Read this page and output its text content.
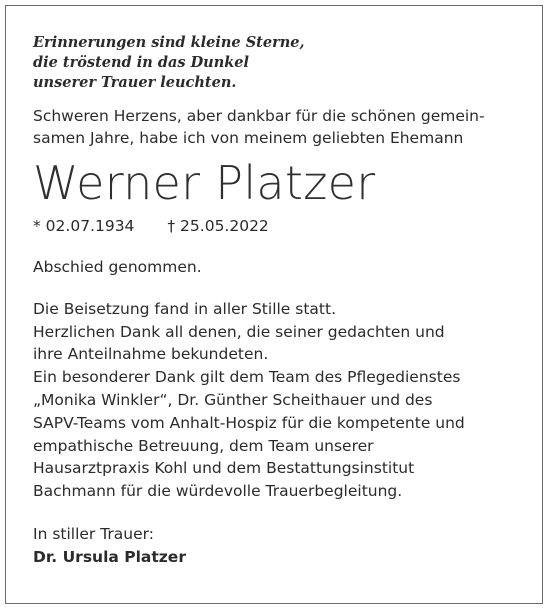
Erinnerungen sind kleine Sterne,
die tröstend in das Dunkel
unserer Trauer leuchten.
Schweren Herzens, aber dankbar für die schönen gemein-
samen Jahre, habe ich von meinem geliebten Ehemann
Werner Platzer
* 02.07.1934 † 25.05.2022
Abschied genommen.
Die Beisetzung fand in aller Stille statt.
Herzlichen Dank all denen, die seiner gedachten und
ihre Anteilnahme bekundeten.
Ein besonderer Dank gilt dem Team des Pflegedienstes
„Monika Winkler“, Dr. Günther Scheithauer und des
SAPV-Teams vom Anhalt-Hospiz für die kompetente und
empathische Betreuung, dem Team unserer
Hausarztpraxis Kohl und dem Bestattungsinstitut
Bachmann für die würdevolle Trauerbegleitung.
In stiller Trauer:
Dr. Ursula Platzer
